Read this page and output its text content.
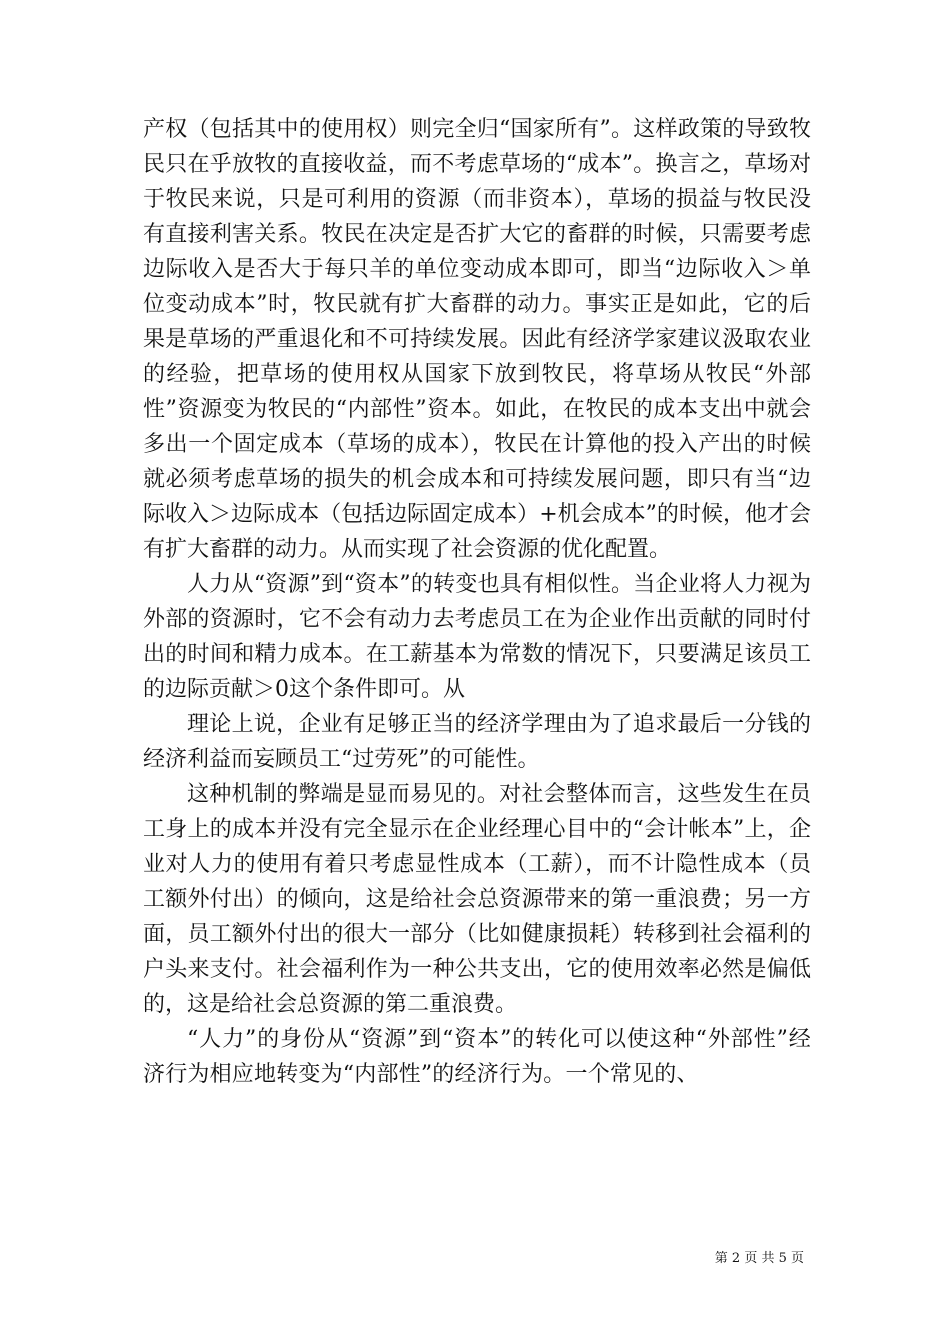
产权（包括其中的使用权）则完全归“国家所有”。这样政策的导致牧民只在乎放牧的直接收益，而不考虑草场的“成本”。换言之，草场对于牧民来说，只是可利用的资源（而非资本），草场的损益与牧民没有直接利害关系。牧民在决定是否扩大它的畜群的时候，只需要考虑边际收入是否大于每只羊的单位变动成本即可，即当“边际收入＞单位变动成本”时，牧民就有扩大畜群的动力。事实正是如此，它的后果是草场的严重退化和不可持续发展。因此有经济学家建议汲取农业的经验，把草场的使用权从国家下放到牧民，将草场从牧民“外部性”资源变为牧民的“内部性”资本。如此，在牧民的成本支出中就会多出一个固定成本（草场的成本），牧民在计算他的投入产出的时候就必须考虑草场的损失的机会成本和可持续发展问题，即只有当“边际收入＞边际成本（包括边际固定成本）+机会成本”的时候，他才会有扩大畜群的动力。从而实现了社会资源的优化配置。

人力从“资源”到“资本”的转变也具有相似性。当企业将人力视为外部的资源时，它不会有动力去考虑员工在为企业作出贡献的同时付出的时间和精力成本。在工薪基本为常数的情况下，只要满足该员工的边际贡献＞0这个条件即可。从

理论上说，企业有足够正当的经济学理由为了追求最后一分钱的经济利益而妄顾员工“过劳死”的可能性。

这种机制的弊端是显而易见的。对社会整体而言，这些发生在员工身上的成本并没有完全显示在企业经理心目中的“会计帐本”上，企业对人力的使用有着只考虑显性成本（工薪），而不计隐性成本（员工额外付出）的倾向，这是给社会总资源带来的第一重浪费；另一方面，员工额外付出的很大一部分（比如健康损耗）转移到社会福利的户头来支付。社会福利作为一种公共支出，它的使用效率必然是偏低的，这是给社会总资源的第二重浪费。

“人力”的身份从“资源”到“资本”的转化可以使这种“外部性”经济行为相应地转变为“内部性”的经济行为。一个常见的、

第 2 页 共 5 页
